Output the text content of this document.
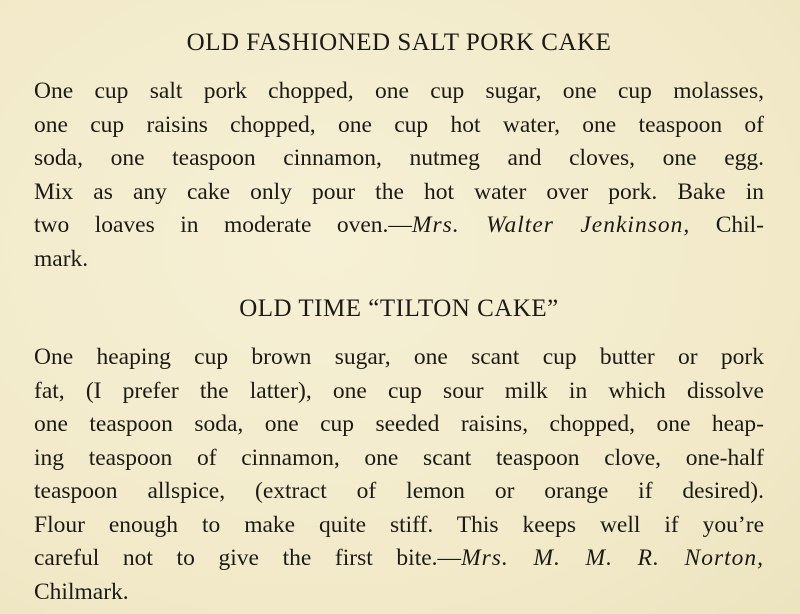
OLD FASHIONED SALT PORK CAKE

One cup salt pork chopped, one cup sugar, one cup molasses,
one cup raisins chopped, one cup hot water, one teaspoon of
soda, one teaspoon cinnamon, nutmeg and cloves, one egg.
Mix as any cake only pour the hot water over pork. Bake in
two loaves in moderate oven.—Mrs. Walter Jenkinson, Chil-
mark.

OLD TIME “TILTON CAKE”

One heaping cup brown sugar, one scant cup butter or pork
fat, (I prefer the latter), one cup sour milk in which dissolve
one teaspoon soda, one cup seeded raisins, chopped, one heap-
ing teaspoon of cinnamon, one scant teaspoon clove, one-half
teaspoon allspice, (extract of lemon or orange if desired).
Flour enough to make quite stiff. This keeps well if you’re
careful not to give the first bite.—Mrs. M. M. R. Norton,
Chilmark.
